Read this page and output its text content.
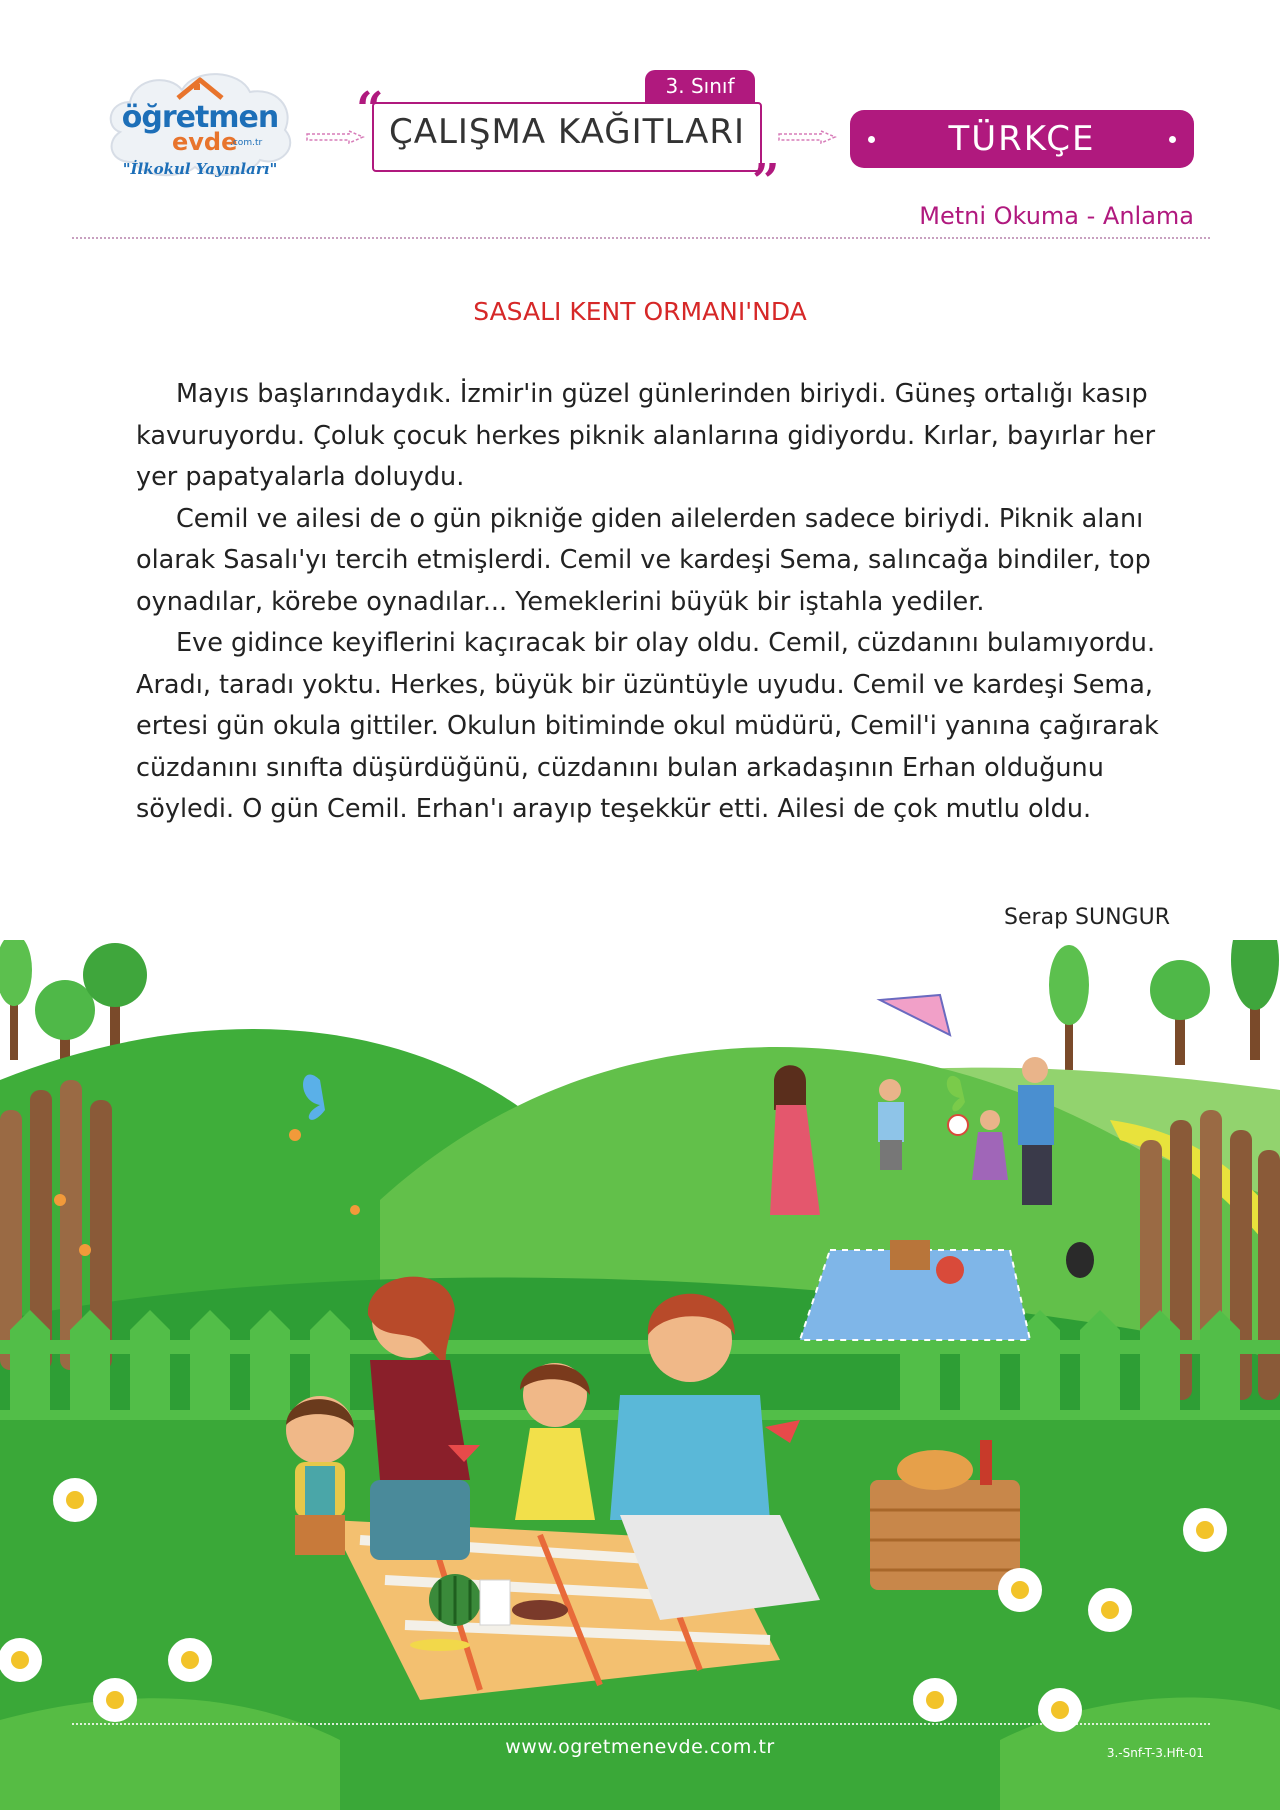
öğretmen
evde
.com.tr
"İlkokul Yayınları"
3. Sınıf
“
”
ÇALIŞMA KAĞITLARI	TÜRKÇE
Metni Okuma - Anlama
SASALI KENT ORMANI'NDA

Mayıs başlarındaydık. İzmir'in güzel günlerinden biriydi. Güneş ortalığı kasıp kavuruyordu. Çoluk çocuk herkes piknik alanlarına gidiyordu. Kırlar, bayırlar her yer papatyalarla doluydu.

Cemil ve ailesi de o gün pikniğe giden ailelerden sadece biriydi. Piknik alanı olarak Sasalı'yı tercih etmişlerdi. Cemil ve kardeşi Sema, salıncağa bindiler, top oynadılar, körebe oynadılar... Yemeklerini büyük bir iştahla yediler.

Eve gidince keyiflerini kaçıracak bir olay oldu. Cemil, cüzdanını bulamıyordu. Aradı, taradı yoktu. Herkes, büyük bir üzüntüyle uyudu. Cemil ve kardeşi Sema, ertesi gün okula gittiler. Okulun bitiminde okul müdürü, Cemil'i yanına çağırarak cüzdanını sınıfta düşürdüğünü, cüzdanını bulan arkadaşının Erhan olduğunu söyledi. O gün Cemil. Erhan'ı arayıp teşekkür etti. Ailesi de çok mutlu oldu.

Serap SUNGUR
www.ogretmenevde.com.tr	3.-Snf-T-3.Hft-01
